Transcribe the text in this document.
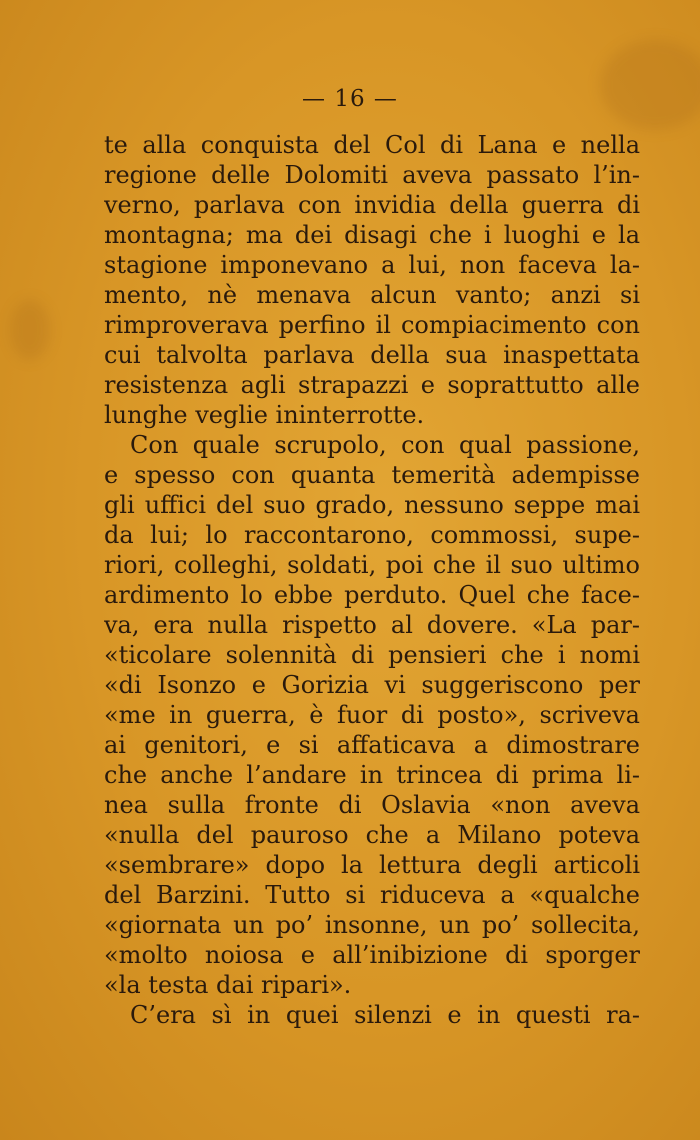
— 16 —
te alla conquista del Col di Lana e nella
regione delle Dolomiti aveva passato l’in-
verno, parlava con invidia della guerra di
montagna; ma dei disagi che i luoghi e la
stagione imponevano a lui, non faceva la-
mento, nè menava alcun vanto; anzi si
rimproverava perfino il compiacimento con
cui talvolta parlava della sua inaspettata
resistenza agli strapazzi e soprattutto alle
lunghe veglie ininterrotte.
Con quale scrupolo, con qual passione,
e spesso con quanta temerità adempisse
gli uffici del suo grado, nessuno seppe mai
da lui; lo raccontarono, commossi, supe-
riori, colleghi, soldati, poi che il suo ultimo
ardimento lo ebbe perduto. Quel che face-
va, era nulla rispetto al dovere. «La par-
«ticolare solennità di pensieri che i nomi
«di Isonzo e Gorizia vi suggeriscono per
«me in guerra, è fuor di posto», scriveva
ai genitori, e si affaticava a dimostrare
che anche l’andare in trincea di prima li-
nea sulla fronte di Oslavia «non aveva
«nulla del pauroso che a Milano poteva
«sembrare» dopo la lettura degli articoli
del Barzini. Tutto si riduceva a «qualche
«giornata un po’ insonne, un po’ sollecita,
«molto noiosa e all’inibizione di sporger
«la testa dai ripari».
C’era sì in quei silenzi e in questi ra-
